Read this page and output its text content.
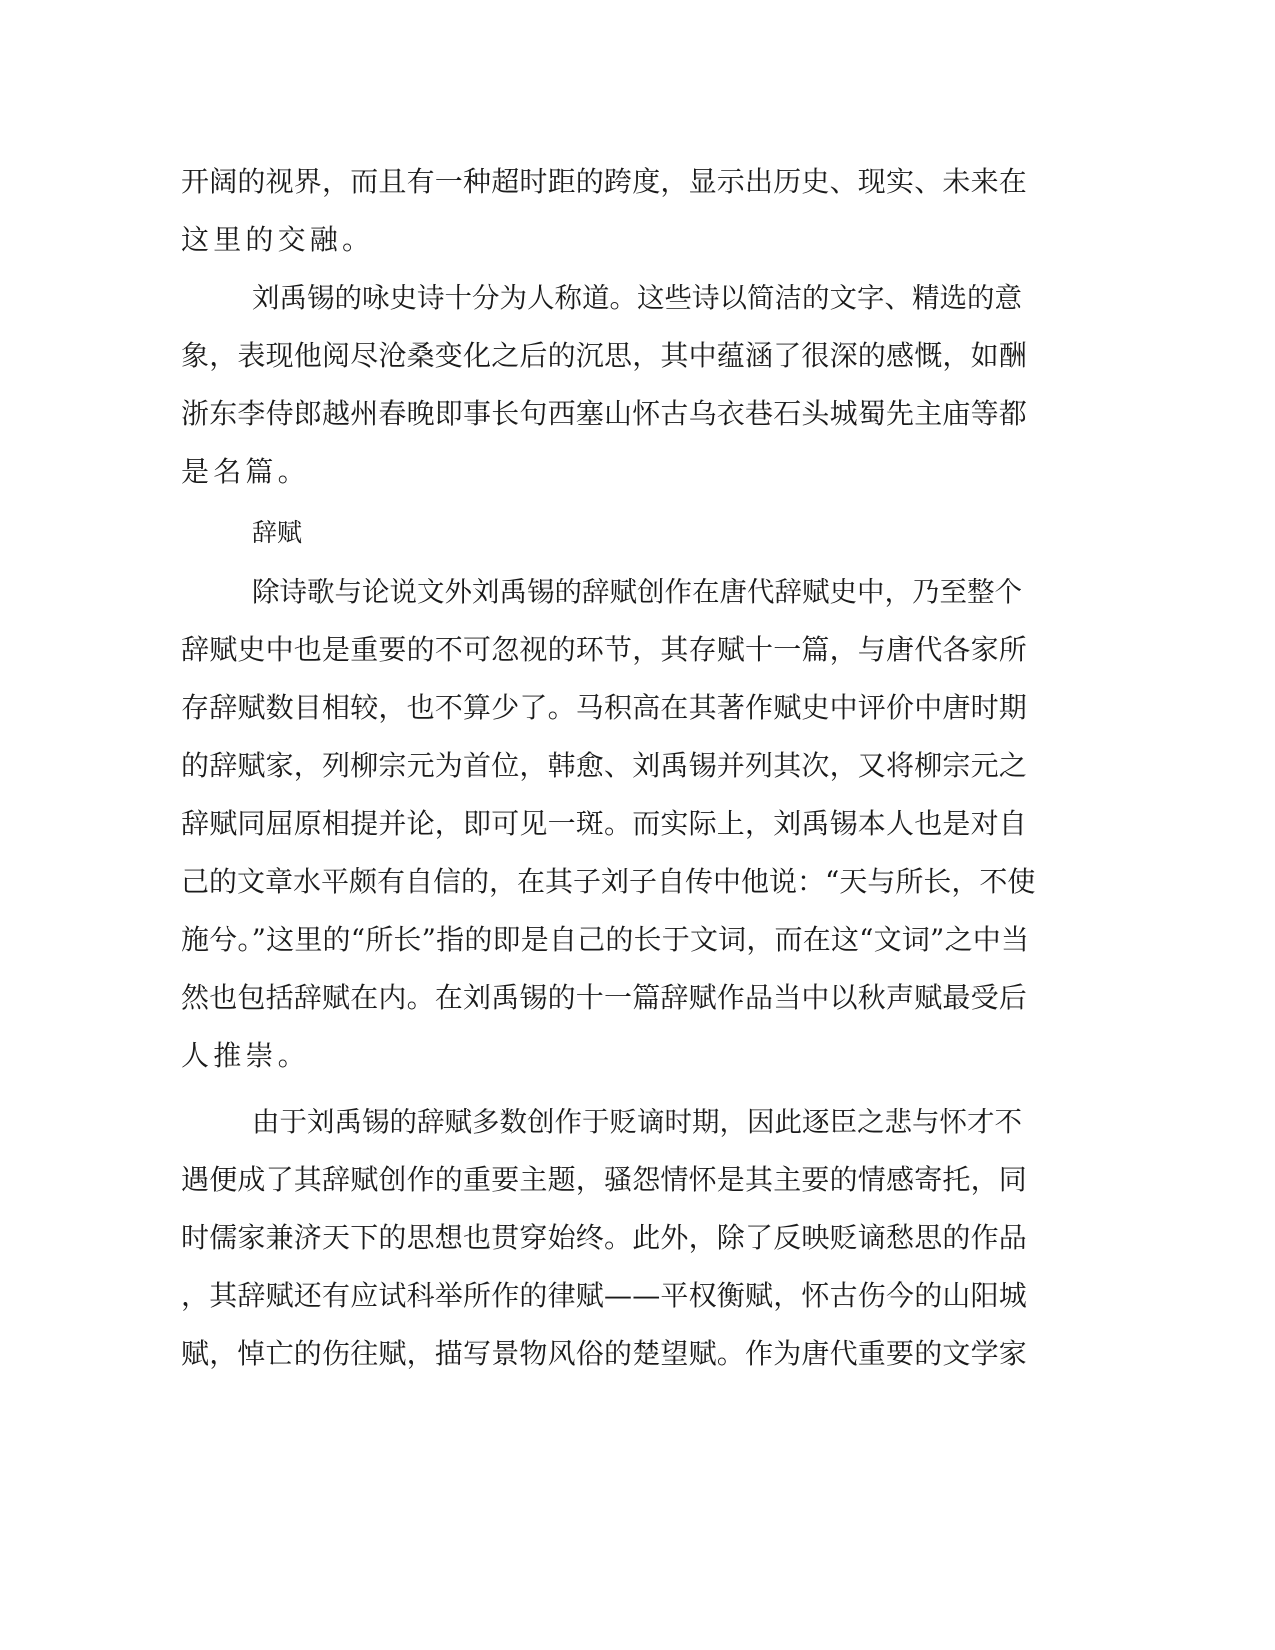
开阔的视界，而且有一种超时距的跨度，显示出历史、现实、未来在
这里的交融。
刘禹锡的咏史诗十分为人称道。这些诗以简洁的文字、精选的意
象，表现他阅尽沧桑变化之后的沉思，其中蕴涵了很深的感慨，如酬
浙东李侍郎越州春晚即事长句西塞山怀古乌衣巷石头城蜀先主庙等都
是名篇。
辞赋
除诗歌与论说文外刘禹锡的辞赋创作在唐代辞赋史中，乃至整个
辞赋史中也是重要的不可忽视的环节，其存赋十一篇，与唐代各家所
存辞赋数目相较，也不算少了。马积高在其著作赋史中评价中唐时期
的辞赋家，列柳宗元为首位，韩愈、刘禹锡并列其次，又将柳宗元之
辞赋同屈原相提并论，即可见一斑。而实际上，刘禹锡本人也是对自
己的文章水平颇有自信的，在其子刘子自传中他说：“天与所长，不使
施兮。”这里的“所长”指的即是自己的长于文词，而在这“文词”之中当
然也包括辞赋在内。在刘禹锡的十一篇辞赋作品当中以秋声赋最受后
人推崇。
由于刘禹锡的辞赋多数创作于贬谪时期，因此逐臣之悲与怀才不
遇便成了其辞赋创作的重要主题，骚怨情怀是其主要的情感寄托，同
时儒家兼济天下的思想也贯穿始终。此外，除了反映贬谪愁思的作品
，其辞赋还有应试科举所作的律赋——平权衡赋，怀古伤今的山阳城
赋，悼亡的伤往赋，描写景物风俗的楚望赋。作为唐代重要的文学家
